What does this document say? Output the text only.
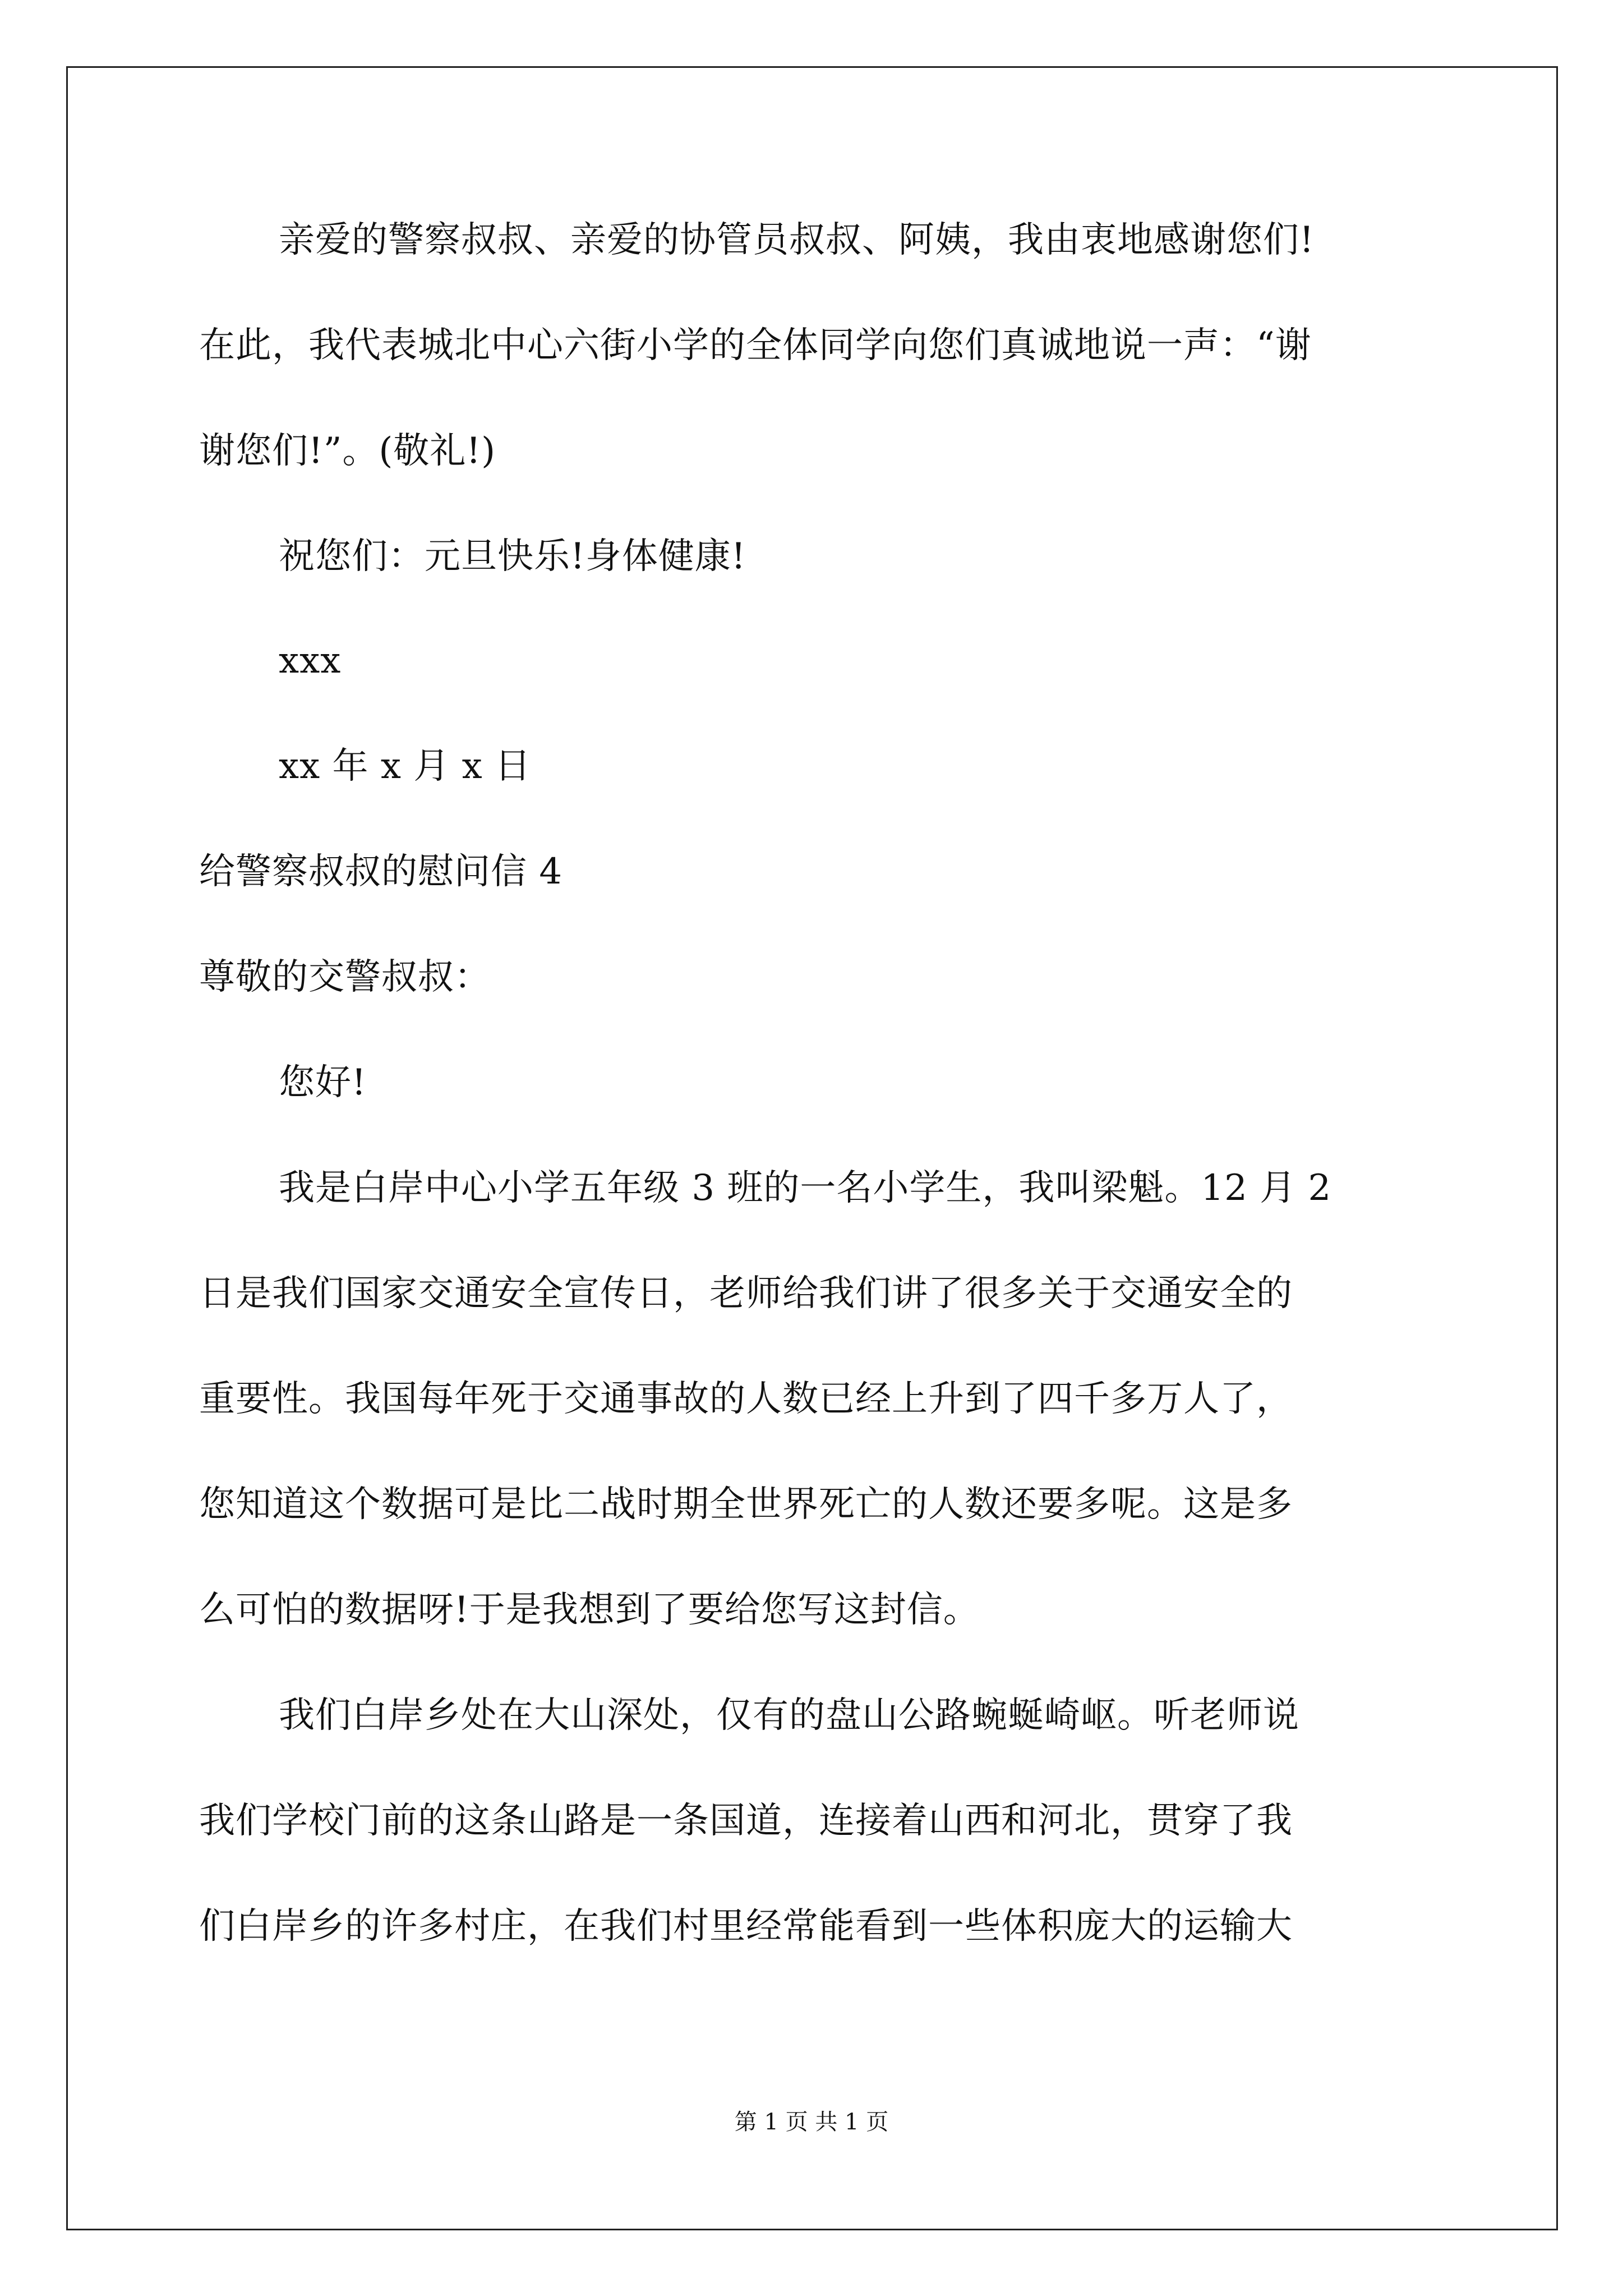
亲爱的警察叔叔、亲爱的协管员叔叔、阿姨，我由衷地感谢您们!
在此，我代表城北中心六街小学的全体同学向您们真诚地说一声：“谢
谢您们!”。(敬礼!)
祝您们：元旦快乐!身体健康!
xxx
xx 年 x 月 x 日
给警察叔叔的慰问信 4
尊敬的交警叔叔：
您好!
我是白岸中心小学五年级 3 班的一名小学生，我叫梁魁。12 月 2
日是我们国家交通安全宣传日，老师给我们讲了很多关于交通安全的
重要性。我国每年死于交通事故的人数已经上升到了四千多万人了，
您知道这个数据可是比二战时期全世界死亡的人数还要多呢。这是多
么可怕的数据呀!于是我想到了要给您写这封信。
我们白岸乡处在大山深处，仅有的盘山公路蜿蜒崎岖。听老师说
我们学校门前的这条山路是一条国道，连接着山西和河北，贯穿了我
们白岸乡的许多村庄，在我们村里经常能看到一些体积庞大的运输大
第 1 页 共 1 页
